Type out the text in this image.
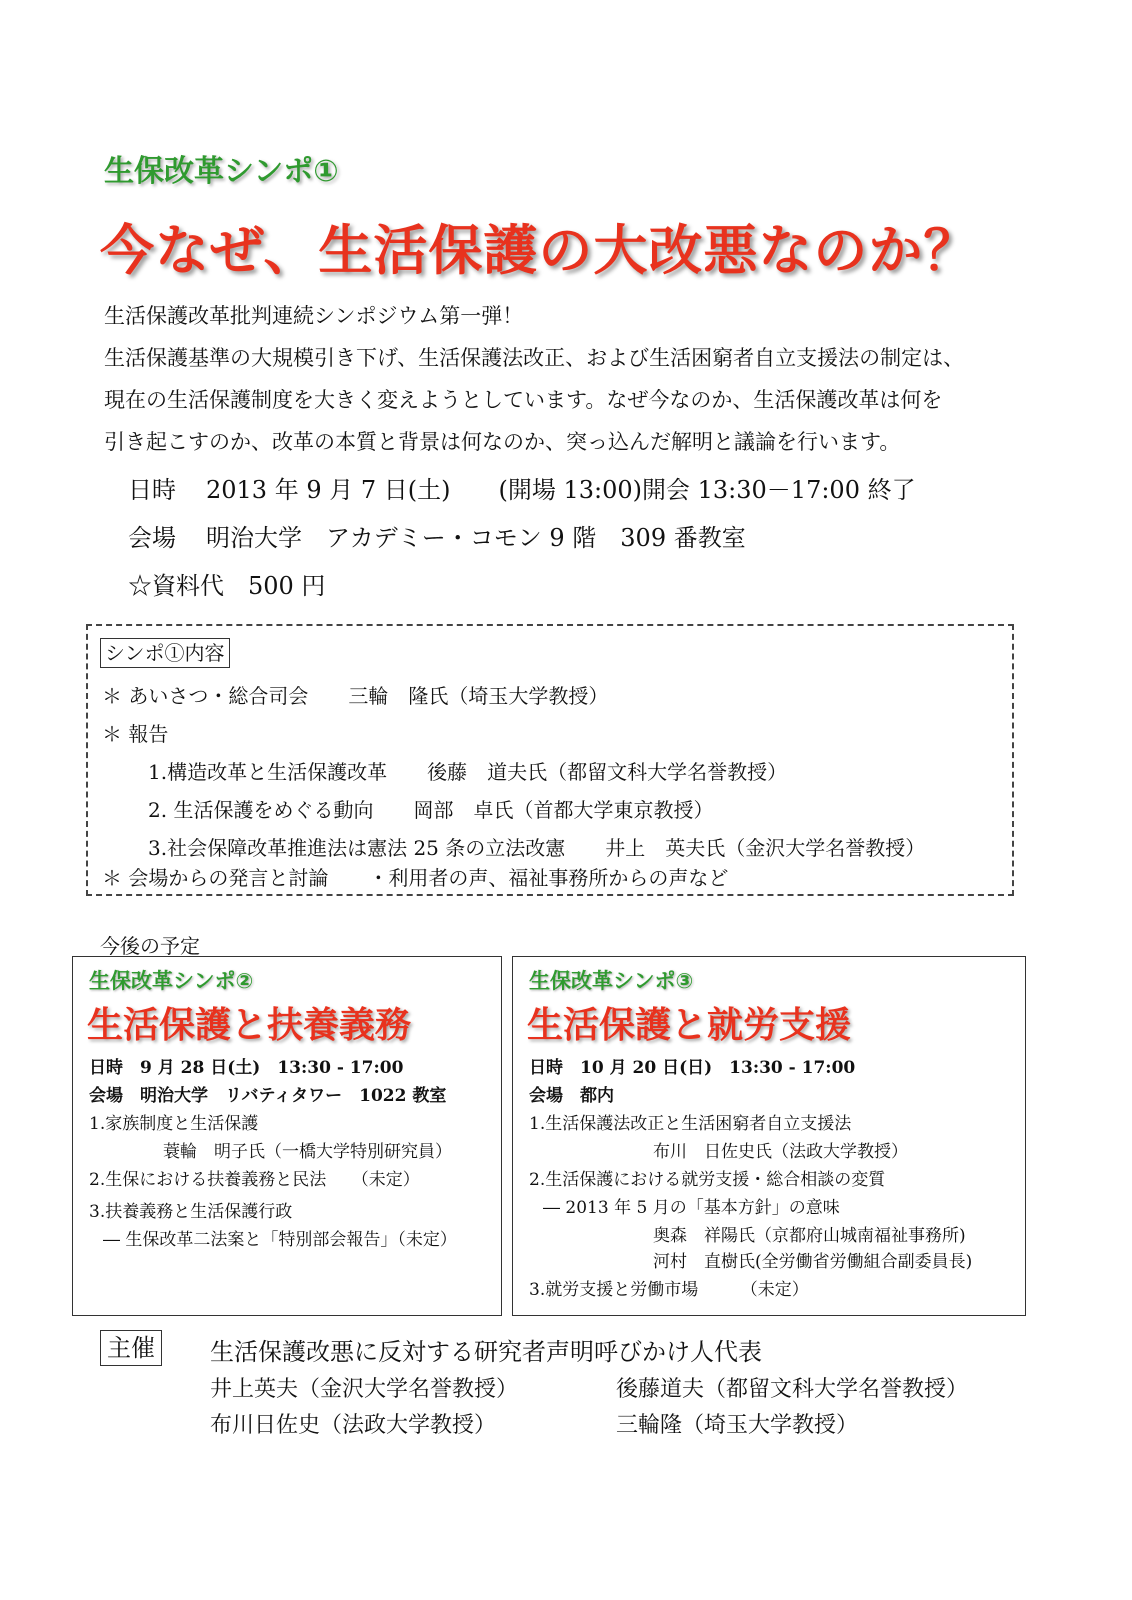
生保改革シンポ①
今なぜ、生活保護の大改悪なのか？
生活保護改革批判連続シンポジウム第一弾！
生活保護基準の大規模引き下げ、生活保護法改正、および生活困窮者自立支援法の制定は、
現在の生活保護制度を大きく変えようとしています。なぜ今なのか、生活保護改革は何を
引き起こすのか、改革の本質と背景は何なのか、突っ込んだ解明と議論を行います。
日時 2013 年 9 月 7 日(土)　　(開場 13:00)開会 13:30－17:00 終了
会場 明治大学　アカデミー・コモン 9 階　309 番教室
☆資料代　500 円
シンポ①内容
＊ あいさつ・総合司会　　三輪　隆氏（埼玉大学教授）
＊ 報告
1.構造改革と生活保護改革　　後藤　道夫氏（都留文科大学名誉教授）
2. 生活保護をめぐる動向　　岡部　卓氏（首都大学東京教授）
3.社会保障改革推進法は憲法 25 条の立法改憲　　井上　英夫氏（金沢大学名誉教授）
＊ 会場からの発言と討論　　・利用者の声、福祉事務所からの声など
今後の予定
生保改革シンポ②
生活保護と扶養義務
日時　9 月 28 日(土)　13:30 - 17:00
会場　明治大学　リバティタワー　1022 教室
1.家族制度と生活保護
蓑輪　明子氏（一橋大学特別研究員）
2.生保における扶養義務と民法　　（未定）
3.扶養義務と生活保護行政
― 生保改革二法案と「特別部会報告」（未定）
生保改革シンポ③
生活保護と就労支援
日時　10 月 20 日(日)　13:30 - 17:00
会場　都内
1.生活保護法改正と生活困窮者自立支援法
布川　日佐史氏（法政大学教授）
2.生活保護における就労支援・総合相談の変質
― 2013 年 5 月の「基本方針」の意味
奥森　祥陽氏（京都府山城南福祉事務所)
河村　直樹氏(全労働省労働組合副委員長)
3.就労支援と労働市場　　　（未定）
主催 生活保護改悪に反対する研究者声明呼びかけ人代表
井上英夫（金沢大学名誉教授）	後藤道夫（都留文科大学名誉教授）
布川日佐史（法政大学教授）	三輪隆（埼玉大学教授）
